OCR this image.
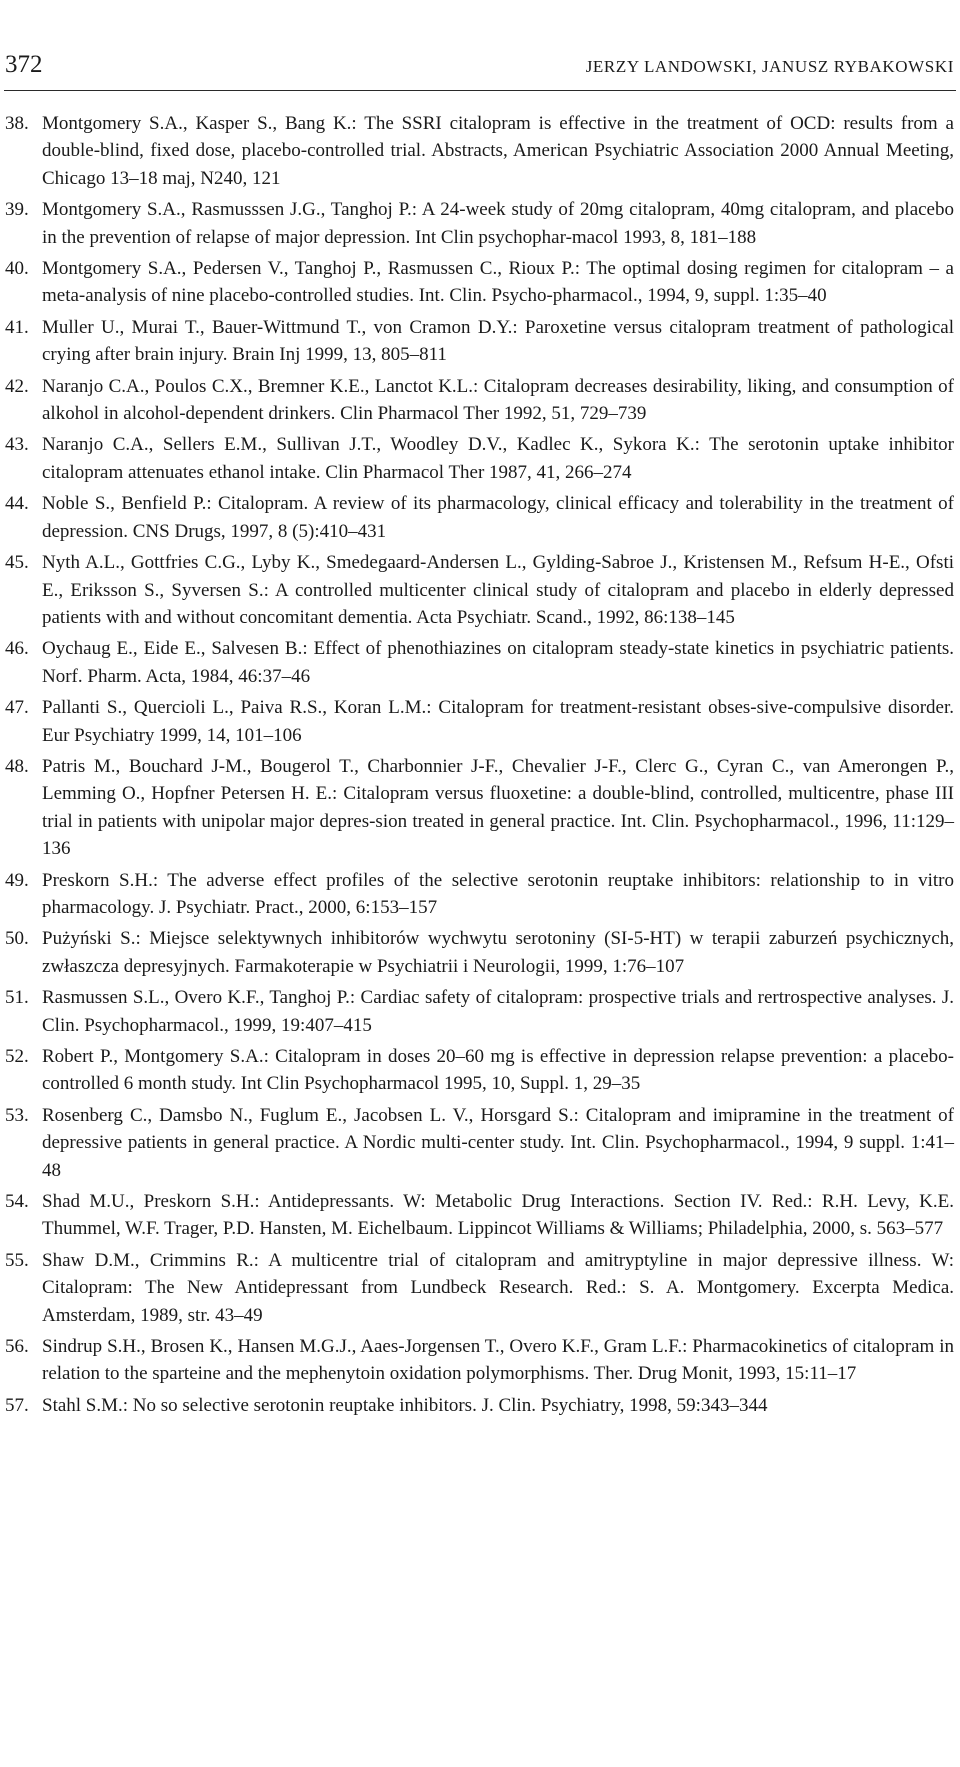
372	JERZY LANDOWSKI, JANUSZ RYBAKOWSKI
38. Montgomery S.A., Kasper S., Bang K.: The SSRI citalopram is effective in the treatment of OCD: results from a double-blind, fixed dose, placebo-controlled trial. Abstracts, American Psychiatric Association 2000 Annual Meeting, Chicago 13–18 maj, N240, 121
39. Montgomery S.A., Rasmusssen J.G., Tanghoj P.: A 24-week study of 20mg citalopram, 40mg citalopram, and placebo in the prevention of relapse of major depression. Int Clin psychophar-macol 1993, 8, 181–188
40. Montgomery S.A., Pedersen V., Tanghoj P., Rasmussen C., Rioux P.: The optimal dosing regimen for citalopram – a meta-analysis of nine placebo-controlled studies. Int. Clin. Psycho-pharmacol., 1994, 9, suppl. 1:35–40
41. Muller U., Murai T., Bauer-Wittmund T., von Cramon D.Y.: Paroxetine versus citalopram treatment of pathological crying after brain injury. Brain Inj 1999, 13, 805–811
42. Naranjo C.A., Poulos C.X., Bremner K.E., Lanctot K.L.: Citalopram decreases desirability, liking, and consumption of alkohol in alcohol-dependent drinkers. Clin Pharmacol Ther 1992, 51, 729–739
43. Naranjo C.A., Sellers E.M., Sullivan J.T., Woodley D.V., Kadlec K., Sykora K.: The serotonin uptake inhibitor citalopram attenuates ethanol intake. Clin Pharmacol Ther 1987, 41, 266–274
44. Noble S., Benfield P.: Citalopram. A review of its pharmacology, clinical efficacy and tolerability in the treatment of depression. CNS Drugs, 1997, 8 (5):410–431
45. Nyth A.L., Gottfries C.G., Lyby K., Smedegaard-Andersen L., Gylding-Sabroe J., Kristensen M., Refsum H-E., Ofsti E., Eriksson S., Syversen S.: A controlled multicenter clinical study of citalopram and placebo in elderly depressed patients with and without concomitant dementia. Acta Psychiatr. Scand., 1992, 86:138–145
46. Oychaug E., Eide E., Salvesen B.: Effect of phenothiazines on citalopram steady-state kinetics in psychiatric patients. Norf. Pharm. Acta, 1984, 46:37–46
47. Pallanti S., Quercioli L., Paiva R.S., Koran L.M.: Citalopram for treatment-resistant obses-sive-compulsive disorder. Eur Psychiatry 1999, 14, 101–106
48. Patris M., Bouchard J-M., Bougerol T., Charbonnier J-F., Chevalier J-F., Clerc G., Cyran C., van Amerongen P., Lemming O., Hopfner Petersen H. E.: Citalopram versus fluoxetine: a double-blind, controlled, multicentre, phase III trial in patients with unipolar major depres-sion treated in general practice. Int. Clin. Psychopharmacol., 1996, 11:129–136
49. Preskorn S.H.: The adverse effect profiles of the selective serotonin reuptake inhibitors: relationship to in vitro pharmacology. J. Psychiatr. Pract., 2000, 6:153–157
50. Pużyński S.: Miejsce selektywnych inhibitorów wychwytu serotoniny (SI-5-HT) w terapii zaburzeń psychicznych, zwłaszcza depresyjnych. Farmakoterapie w Psychiatrii i Neurologii, 1999, 1:76–107
51. Rasmussen S.L., Overo K.F., Tanghoj P.: Cardiac safety of citalopram: prospective trials and rertrospective analyses. J. Clin. Psychopharmacol., 1999, 19:407–415
52. Robert P., Montgomery S.A.: Citalopram in doses 20–60 mg is effective in depression relapse prevention: a placebo-controlled 6 month study. Int Clin Psychopharmacol 1995, 10, Suppl. 1, 29–35
53. Rosenberg C., Damsbo N., Fuglum E., Jacobsen L. V., Horsgard S.: Citalopram and imipramine in the treatment of depressive patients in general practice. A Nordic multi-center study. Int. Clin. Psychopharmacol., 1994, 9 suppl. 1:41–48
54. Shad M.U., Preskorn S.H.: Antidepressants. W: Metabolic Drug Interactions. Section IV. Red.: R.H. Levy, K.E. Thummel, W.F. Trager, P.D. Hansten, M. Eichelbaum. Lippincot Williams & Williams; Philadelphia, 2000, s. 563–577
55. Shaw D.M., Crimmins R.: A multicentre trial of citalopram and amitryptyline in major depressive illness. W: Citalopram: The New Antidepressant from Lundbeck Research. Red.: S. A. Montgomery. Excerpta Medica. Amsterdam, 1989, str. 43–49
56. Sindrup S.H., Brosen K., Hansen M.G.J., Aaes-Jorgensen T., Overo K.F., Gram L.F.: Pharmacokinetics of citalopram in relation to the sparteine and the mephenytoin oxidation polymorphisms. Ther. Drug Monit, 1993, 15:11–17
57. Stahl S.M.: No so selective serotonin reuptake inhibitors. J. Clin. Psychiatry, 1998, 59:343–344
